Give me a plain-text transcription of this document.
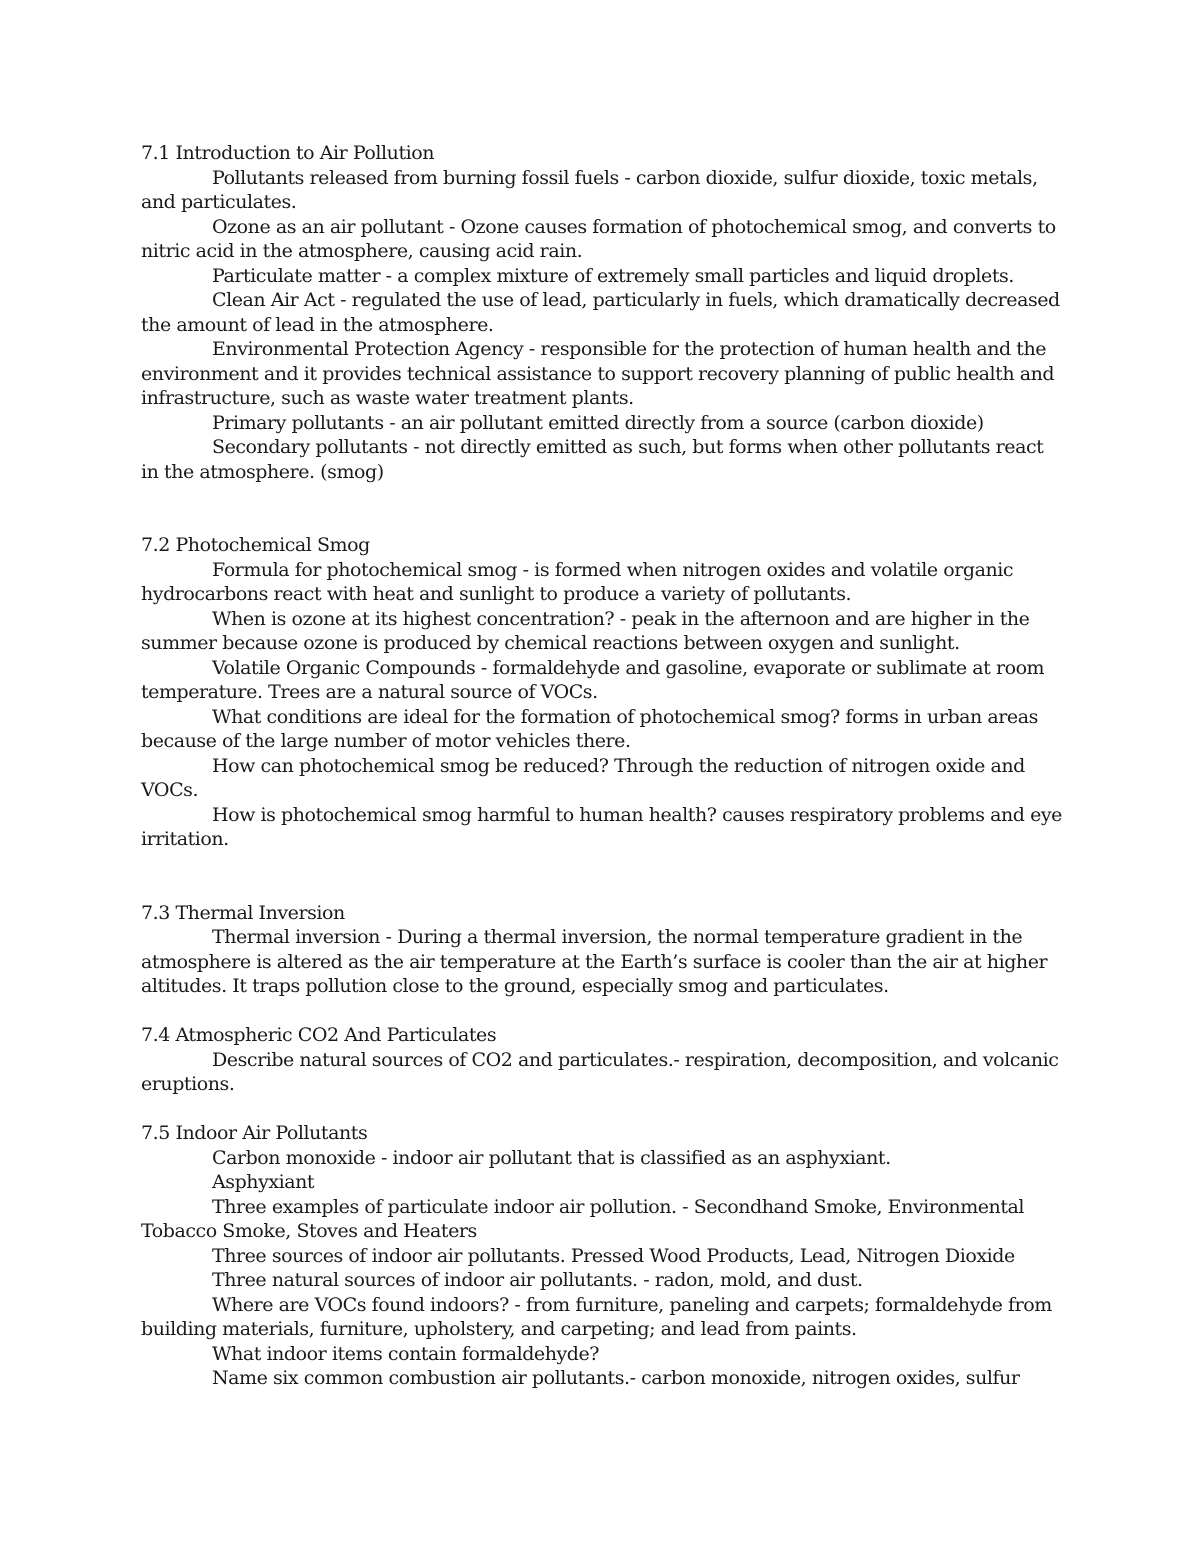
7.1 Introduction to Air Pollution

Pollutants released from burning fossil fuels - carbon dioxide, sulfur dioxide, toxic metals, and particulates.

Ozone as an air pollutant - Ozone causes formation of photochemical smog, and converts to nitric acid in the atmosphere, causing acid rain.

Particulate matter - a complex mixture of extremely small particles and liquid droplets.

Clean Air Act - regulated the use of lead, particularly in fuels, which dramatically decreased the amount of lead in the atmosphere.

Environmental Protection Agency - responsible for the protection of human health and the environment and it provides technical assistance to support recovery planning of public health and infrastructure, such as waste water treatment plants.

Primary pollutants - an air pollutant emitted directly from a source (carbon dioxide)

Secondary pollutants - not directly emitted as such, but forms when other pollutants react in the atmosphere. (smog)

7.2 Photochemical Smog

Formula for photochemical smog - is formed when nitrogen oxides and volatile organic hydrocarbons react with heat and sunlight to produce a variety of pollutants.

When is ozone at its highest concentration? - peak in the afternoon and are higher in the summer because ozone is produced by chemical reactions between oxygen and sunlight.

Volatile Organic Compounds - formaldehyde and gasoline, evaporate or sublimate at room temperature. Trees are a natural source of VOCs.

What conditions are ideal for the formation of photochemical smog? forms in urban areas because of the large number of motor vehicles there.

How can photochemical smog be reduced? Through the reduction of nitrogen oxide and VOCs.

How is photochemical smog harmful to human health? causes respiratory problems and eye irritation.

7.3 Thermal Inversion

Thermal inversion - During a thermal inversion, the normal temperature gradient in the atmosphere is altered as the air temperature at the Earth’s surface is cooler than the air at higher altitudes. It traps pollution close to the ground, especially smog and particulates.

7.4 Atmospheric CO2 And Particulates

Describe natural sources of CO2 and particulates.- respiration, decomposition, and volcanic eruptions.

7.5 Indoor Air Pollutants

Carbon monoxide - indoor air pollutant that is classified as an asphyxiant.

Asphyxiant

Three examples of particulate indoor air pollution. - Secondhand Smoke, Environmental Tobacco Smoke, Stoves and Heaters

Three sources of indoor air pollutants. Pressed Wood Products, Lead, Nitrogen Dioxide

Three natural sources of indoor air pollutants. - radon, mold, and dust.

Where are VOCs found indoors? - from furniture, paneling and carpets; formaldehyde from building materials, furniture, upholstery, and carpeting; and lead from paints.

What indoor items contain formaldehyde?

Name six common combustion air pollutants.- carbon monoxide, nitrogen oxides, sulfur
